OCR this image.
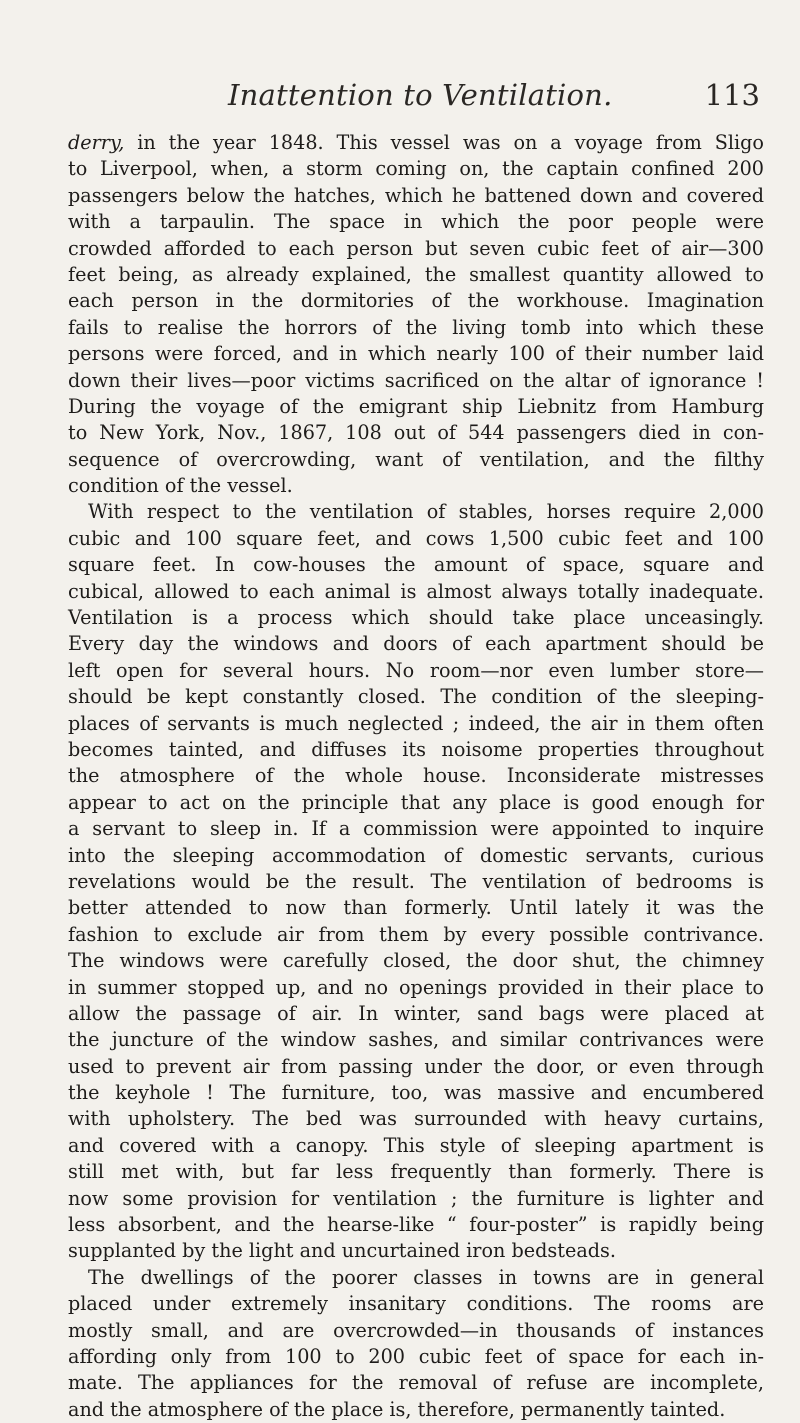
Inattention to Ventilation.	113
derry, in the year 1848. This vessel was on a voyage from Sligo
to Liverpool, when, a storm coming on, the captain confined 200
passengers below the hatches, which he battened down and covered
with a tarpaulin. The space in which the poor people were
crowded afforded to each person but seven cubic feet of air—300
feet being, as already explained, the smallest quantity allowed to
each person in the dormitories of the workhouse. Imagination
fails to realise the horrors of the living tomb into which these
persons were forced, and in which nearly 100 of their number laid
down their lives—poor victims sacrificed on the altar of ignorance !
During the voyage of the emigrant ship Liebnitz from Hamburg
to New York, Nov., 1867, 108 out of 544 passengers died in con-
sequence of overcrowding, want of ventilation, and the filthy
condition of the vessel.
With respect to the ventilation of stables, horses require 2,000
cubic and 100 square feet, and cows 1,500 cubic feet and 100
square feet. In cow-houses the amount of space, square and
cubical, allowed to each animal is almost always totally inadequate.
Ventilation is a process which should take place unceasingly.
Every day the windows and doors of each apartment should be
left open for several hours. No room—nor even lumber store—
should be kept constantly closed. The condition of the sleeping-
places of servants is much neglected ; indeed, the air in them often
becomes tainted, and diffuses its noisome properties throughout
the atmosphere of the whole house. Inconsiderate mistresses
appear to act on the principle that any place is good enough for
a servant to sleep in. If a commission were appointed to inquire
into the sleeping accommodation of domestic servants, curious
revelations would be the result. The ventilation of bedrooms is
better attended to now than formerly. Until lately it was the
fashion to exclude air from them by every possible contrivance.
The windows were carefully closed, the door shut, the chimney
in summer stopped up, and no openings provided in their place to
allow the passage of air. In winter, sand bags were placed at
the juncture of the window sashes, and similar contrivances were
used to prevent air from passing under the door, or even through
the keyhole ! The furniture, too, was massive and encumbered
with upholstery. The bed was surrounded with heavy curtains,
and covered with a canopy. This style of sleeping apartment is
still met with, but far less frequently than formerly. There is
now some provision for ventilation ; the furniture is lighter and
less absorbent, and the hearse-like “ four-poster” is rapidly being
supplanted by the light and uncurtained iron bedsteads.
The dwellings of the poorer classes in towns are in general
placed under extremely insanitary conditions. The rooms are
mostly small, and are overcrowded—in thousands of instances
affording only from 100 to 200 cubic feet of space for each in-
mate. The appliances for the removal of refuse are incomplete,
and the atmosphere of the place is, therefore, permanently tainted.
